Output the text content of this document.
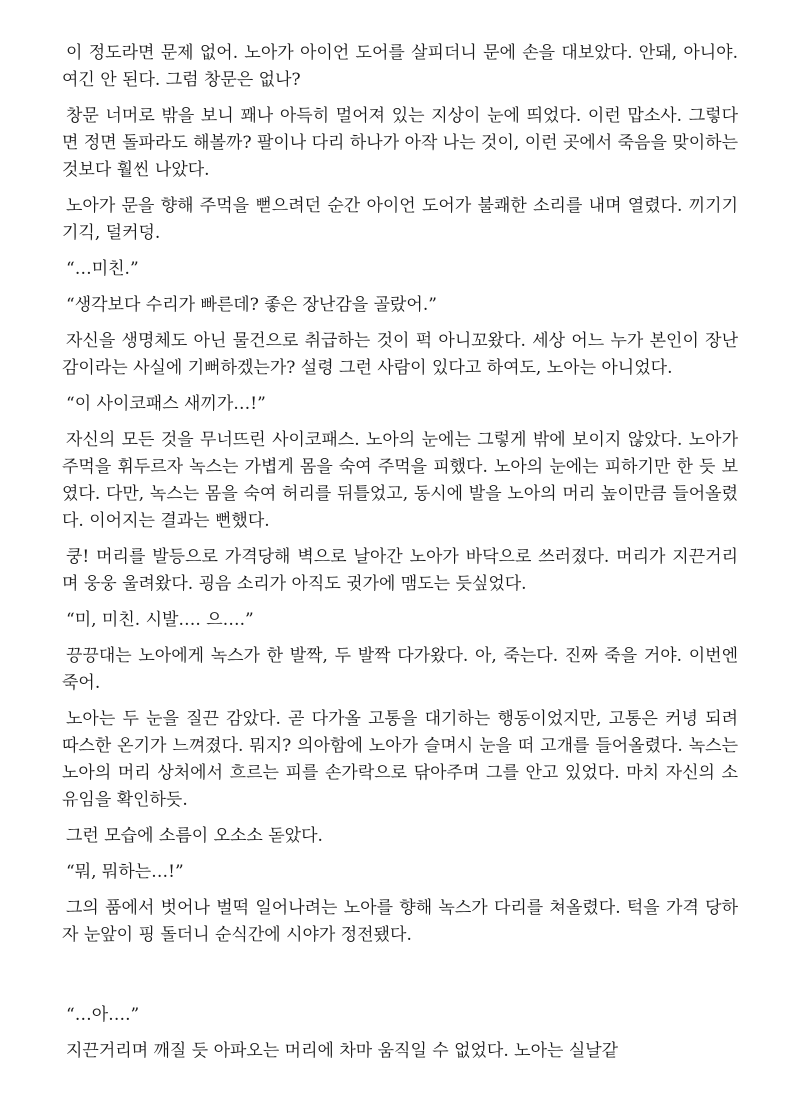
이 정도라면 문제 없어. 노아가 아이언 도어를 살피더니 문에 손을 대보았다. 안돼, 아니야. 여긴 안 된다. 그럼 창문은 없나?

창문 너머로 밖을 보니 꽤나 아득히 멀어져 있는 지상이 눈에 띄었다. 이런 맙소사. 그렇다면 정면 돌파라도 해볼까? 팔이나 다리 하나가 아작 나는 것이, 이런 곳에서 죽음을 맞이하는 것보다 훨씬 나았다.

노아가 문을 향해 주먹을 뻗으려던 순간 아이언 도어가 불쾌한 소리를 내며 열렸다. 끼기기기긱, 덜커덩.

“…미친.”

“생각보다 수리가 빠른데? 좋은 장난감을 골랐어.”

자신을 생명체도 아닌 물건으로 취급하는 것이 퍽 아니꼬왔다. 세상 어느 누가 본인이 장난감이라는 사실에 기뻐하겠는가? 설령 그런 사람이 있다고 하여도, 노아는 아니었다.

“이 사이코패스 새끼가…!”

자신의 모든 것을 무너뜨린 사이코패스. 노아의 눈에는 그렇게 밖에 보이지 않았다. 노아가 주먹을 휘두르자 녹스는 가볍게 몸을 숙여 주먹을 피했다. 노아의 눈에는 피하기만 한 듯 보였다. 다만, 녹스는 몸을 숙여 허리를 뒤틀었고, 동시에 발을 노아의 머리 높이만큼 들어올렸다. 이어지는 결과는 뻔했다.

쿵! 머리를 발등으로 가격당해 벽으로 날아간 노아가 바닥으로 쓰러졌다. 머리가 지끈거리며 웅웅 울려왔다. 굉음 소리가 아직도 귓가에 맴도는 듯싶었다.

“미, 미친. 시발…. 으….”

끙끙대는 노아에게 녹스가 한 발짝, 두 발짝 다가왔다. 아, 죽는다. 진짜 죽을 거야. 이번엔 죽어.

노아는 두 눈을 질끈 감았다. 곧 다가올 고통을 대기하는 행동이었지만, 고통은 커녕 되려 따스한 온기가 느껴졌다. 뭐지? 의아함에 노아가 슬며시 눈을 떠 고개를 들어올렸다. 녹스는 노아의 머리 상처에서 흐르는 피를 손가락으로 닦아주며 그를 안고 있었다. 마치 자신의 소유임을 확인하듯.

그런 모습에 소름이 오소소 돋았다.

“뭐, 뭐하는…!”

그의 품에서 벗어나 벌떡 일어나려는 노아를 향해 녹스가 다리를 쳐올렸다. 턱을 가격 당하자 눈앞이 핑 돌더니 순식간에 시야가 정전됐다.

“…아….”

지끈거리며 깨질 듯 아파오는 머리에 차마 움직일 수 없었다. 노아는 실날같
